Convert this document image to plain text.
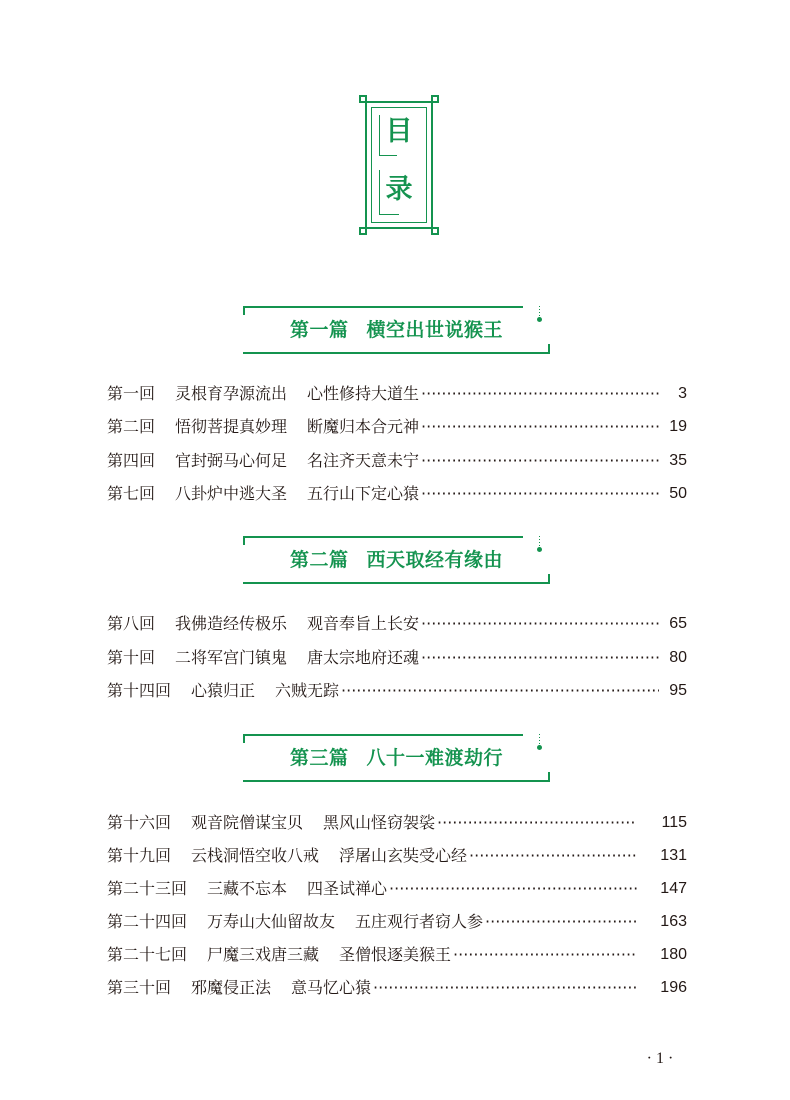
目
录
第一篇 横空出世说猴王
第一回 灵根育孕源流出 心性修持大道生 ·····	3
第二回 悟彻菩提真妙理 断魔归本合元神 ·····	19
第四回 官封弼马心何足 名注齐天意未宁 ·····	35
第七回 八卦炉中逃大圣 五行山下定心猿 ·····	50
第二篇 西天取经有缘由
第八回 我佛造经传极乐 观音奉旨上长安 ·····	65
第十回 二将军宫门镇鬼 唐太宗地府还魂 ·····	80
第十四回 心猿归正 六贼无踪 ·····	95
第三篇 八十一难渡劫行
第十六回 观音院僧谋宝贝 黑风山怪窃袈裟 ·····	115
第十九回 云栈洞悟空收八戒 浮屠山玄奘受心经 ·····	131
第二十三回 三藏不忘本 四圣试禅心 ·····	147
第二十四回 万寿山大仙留故友 五庄观行者窃人参 ·····	163
第二十七回 尸魔三戏唐三藏 圣僧恨逐美猴王 ·····	180
第三十回 邪魔侵正法 意马忆心猿 ·····	196
· 1 ·
